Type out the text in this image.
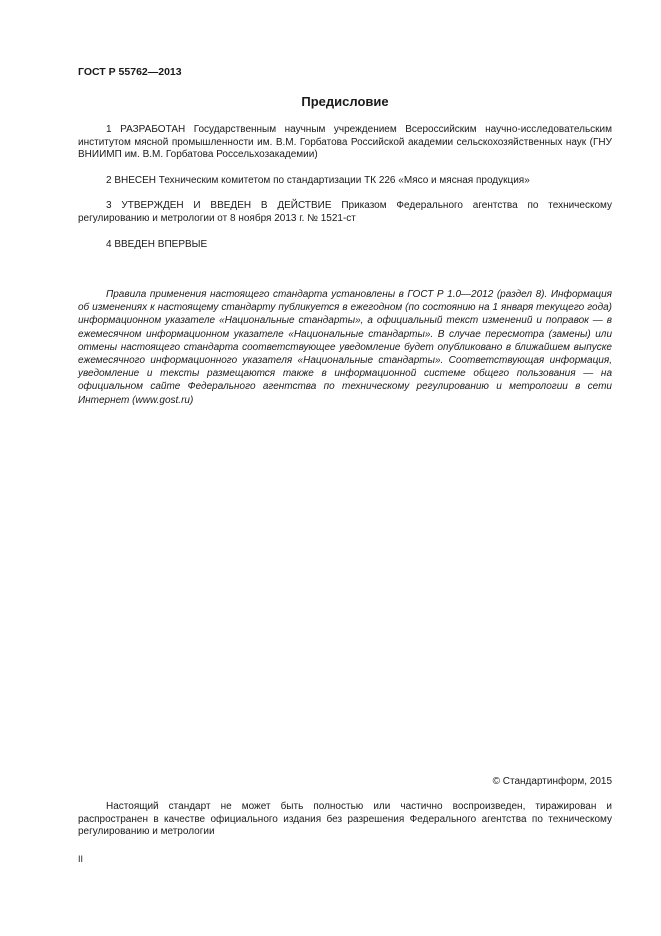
ГОСТ Р 55762—2013
Предисловие

1 РАЗРАБОТАН Государственным научным учреждением Всероссийским научно-исследовательским институтом мясной промышленности им. В.М. Горбатова Российской академии сельскохозяйственных наук (ГНУ ВНИИМП им. В.М. Горбатова Россельхозакадемии)

2 ВНЕСЕН Техническим комитетом по стандартизации ТК 226 «Мясо и мясная продукция»

3 УТВЕРЖДЕН И ВВЕДЕН В ДЕЙСТВИЕ Приказом Федерального агентства по техническому регулированию и метрологии от 8 ноября 2013 г. № 1521-ст

4 ВВЕДЕН ВПЕРВЫЕ

Правила применения настоящего стандарта установлены в ГОСТ Р 1.0—2012 (раздел 8). Информация об изменениях к настоящему стандарту публикуется в ежегодном (по состоянию на 1 января текущего года) информационном указателе «Национальные стандарты», а официальный текст изменений и поправок — в ежемесячном информационном указателе «Национальные стандарты». В случае пересмотра (замены) или отмены настоящего стандарта соответствующее уведомление будет опубликовано в ближайшем выпуске ежемесячного информационного указателя «Национальные стандарты». Соответствующая информация, уведомление и тексты размещаются также в информационной системе общего пользования — на официальном сайте Федерального агентства по техническому регулированию и метрологии в сети Интернет (www.gost.ru)

© Стандартинформ, 2015

Настоящий стандарт не может быть полностью или частично воспроизведен, тиражирован и распространен в качестве официального издания без разрешения Федерального агентства по техническому регулированию и метрологии

II
